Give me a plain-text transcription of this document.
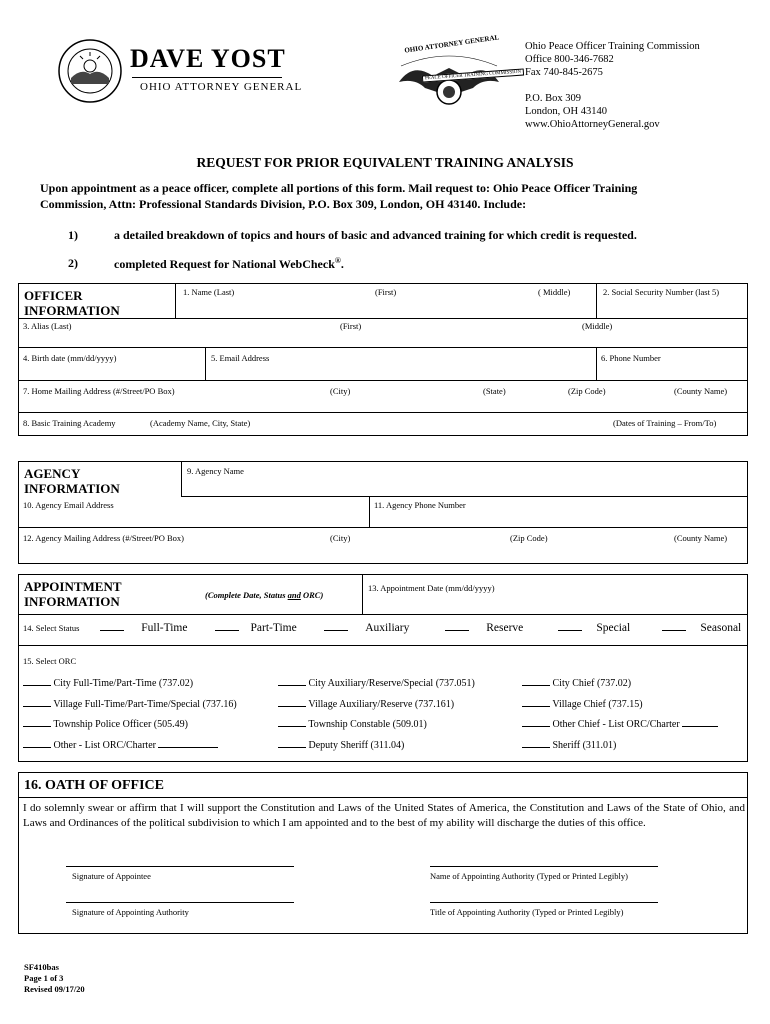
DAVE YOST
OHIO ATTORNEY GENERAL
OHIO ATTORNEY GENERAL
PEACE OFFICER TRAINING COMMISSION
Ohio Peace Officer Training Commission
Office 800-346-7682
Fax 740-845-2675
P.O. Box 309
London, OH 43140
www.OhioAttorneyGeneral.gov
REQUEST FOR PRIOR EQUIVALENT TRAINING ANALYSIS
Upon appointment as a peace officer, complete all portions of this form. Mail request to: Ohio Peace Officer Training Commission, Attn: Professional Standards Division, P.O. Box 309, London, OH 43140. Include:
1)	a detailed breakdown of topics and hours of basic and advanced training for which credit is requested.
2)	completed Request for National WebCheck®.
OFFICER
INFORMATION
1. Name (Last)	(First)	( Middle)	2. Social Security Number (last 5)
3. Alias (Last)	(First)	(Middle)
4. Birth date (mm/dd/yyyy)	5. Email Address	6. Phone Number
7. Home Mailing Address (#/Street/PO Box)	(City)	(State)	(Zip Code)	(County Name)
8. Basic Training Academy	(Academy Name, City, State)	(Dates of Training – From/To)
AGENCY
INFORMATION
9. Agency Name
10. Agency Email Address	11. Agency Phone Number
12. Agency Mailing Address (#/Street/PO Box)	(City)	(Zip Code)	(County Name)
APPOINTMENT
INFORMATION	(Complete Date, Status and ORC)
13. Appointment Date (mm/dd/yyyy)
14. Select Status	Full-Time	Part-Time	Auxiliary	Reserve	Special	Seasonal
15. Select ORC
City Full-Time/Part-Time (737.02)	City Auxiliary/Reserve/Special (737.051)	City Chief (737.02)
Village Full-Time/Part-Time/Special (737.16)	Village Auxiliary/Reserve (737.161)	Village Chief (737.15)
Township Police Officer (505.49)	Township Constable (509.01)	Other Chief - List ORC/Charter
Other - List ORC/Charter	Deputy Sheriff (311.04)	Sheriff (311.01)
16. OATH OF OFFICE
I do solemnly swear or affirm that I will support the Constitution and Laws of the United States of America, the Constitution and Laws of the State of Ohio, and Laws and Ordinances of the political subdivision to which I am appointed and to the best of my ability will discharge the duties of this office.
Signature of Appointee	Name of Appointing Authority (Typed or Printed Legibly)
Signature of Appointing Authority	Title of Appointing Authority (Typed or Printed Legibly)
SF410bas
Page 1 of 3
Revised 09/17/20
